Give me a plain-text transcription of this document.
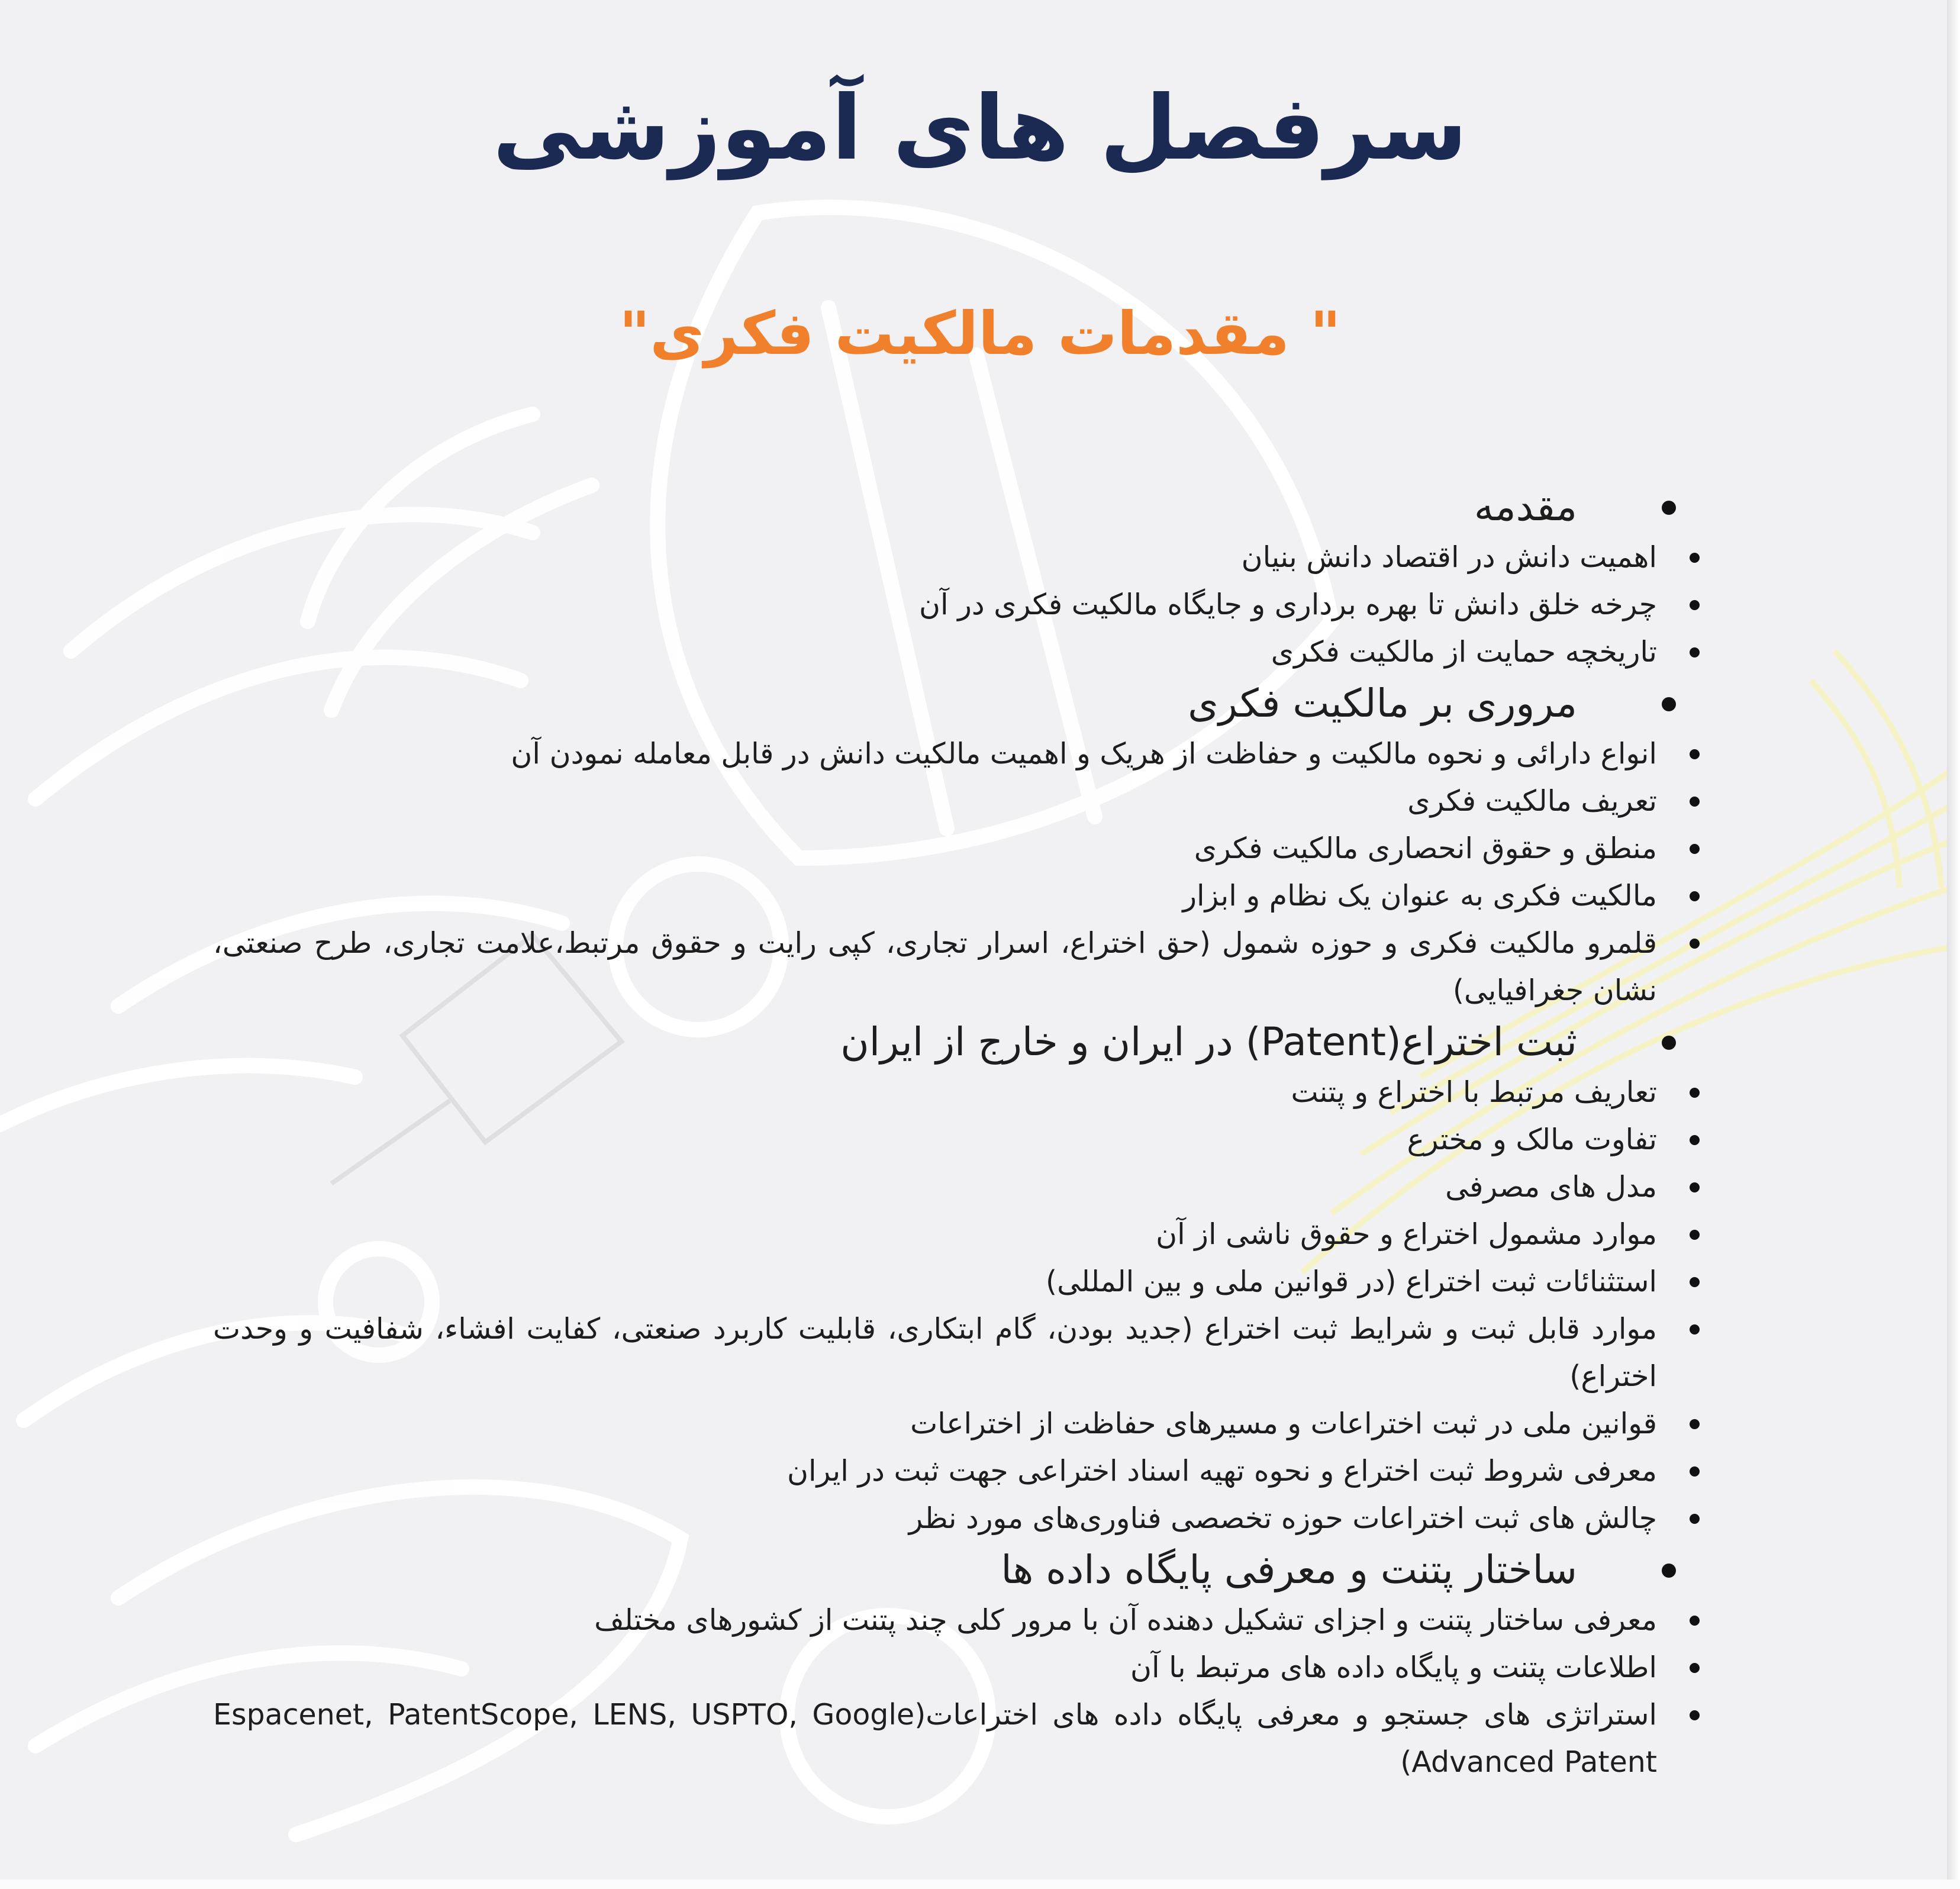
سرفصل های آموزشی
" مقدمات مالکیت فکری"
مقدمه
اهمیت دانش در اقتصاد دانش بنیان
چرخه خلق دانش تا بهره برداری و جایگاه مالکیت فکری در آن
تاریخچه حمایت از مالکیت فکری
مروری بر مالکیت فکری
انواع دارائی و نحوه مالکیت و حفاظت از هریک و اهمیت مالکیت دانش در قابل معامله نمودن آن
تعریف مالکیت فکری
منطق و حقوق انحصاری مالکیت فکری
مالکیت فکری به عنوان یک نظام و ابزار
قلمرو مالکیت فکری و حوزه شمول (حق اختراع، اسرار تجاری، کپی رایت و حقوق مرتبط،علامت تجاری، طرح صنعتی، نشان جغرافیایی)
ثبت اختراع(Patent) در ایران و خارج از ایران
تعاریف مرتبط با اختراع و پتنت
تفاوت مالک و مخترع
مدل های مصرفی
موارد مشمول اختراع و حقوق ناشی از آن
استثنائات ثبت اختراع (در قوانین ملی و بین المللی)
موارد قابل ثبت و شرایط ثبت اختراع (جدید بودن، گام ابتکاری، قابلیت کاربرد صنعتی، کفایت افشاء، شفافیت و وحدت اختراع)
قوانین ملی در ثبت اختراعات و مسیرهای حفاظت از اختراعات
معرفی شروط ثبت اختراع و نحوه تهیه اسناد اختراعی جهت ثبت در ایران
چالش های ثبت اختراعات حوزه تخصصی فناوری‌های مورد نظر
ساختار پتنت و معرفی پایگاه داده ها
معرفی ساختار پتنت و اجزای تشکیل دهنده آن با مرور کلی چند پتنت از کشورهای مختلف
اطلاعات پتنت و پایگاه داده های مرتبط با آن
استراتژی های جستجو و معرفی پایگاه داده های اختراعات(Espacenet, PatentScope, LENS, USPTO, Google Advanced Patent)
